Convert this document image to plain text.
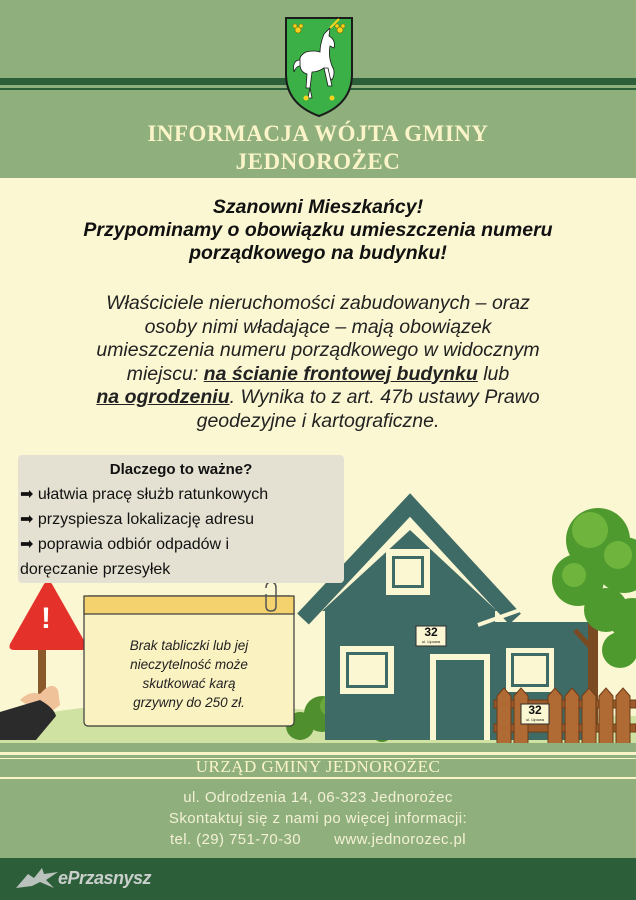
INFORMACJA WÓJTA GMINY
JEDNOROŻEC
Szanowni Mieszkańcy!
Przypominamy o obowiązku umieszczenia numeru
porządkowego na budynku!
Właściciele nieruchomości zabudowanych – oraz
osoby nimi władające – mają obowiązek
umieszczenia numeru porządkowego w widocznym
miejscu: na ścianie frontowej budynku lub
na ogrodzeniu. Wynika to z art. 47b ustawy Prawo
geodezyjne i kartograficzne.
Dlaczego to ważne?
➡ ułatwia pracę służb ratunkowych
➡ przyspiesza lokalizację adresu
➡ poprawia odbiór odpadów i
doręczanie przesyłek
!
Brak tabliczki lub jej
nieczytelność może
skutkować karą
grzywny do 250 zł.
32
ul. Lipowa
32
ul. Lipowa
URZĄD GMINY JEDNOROŻEC
ul. Odrodzenia 14, 06-323 Jednorożec
Skontaktuj się z nami po więcej informacji:
tel. (29) 751-70-30 www.jednorozec.pl
ePrzasnysz
